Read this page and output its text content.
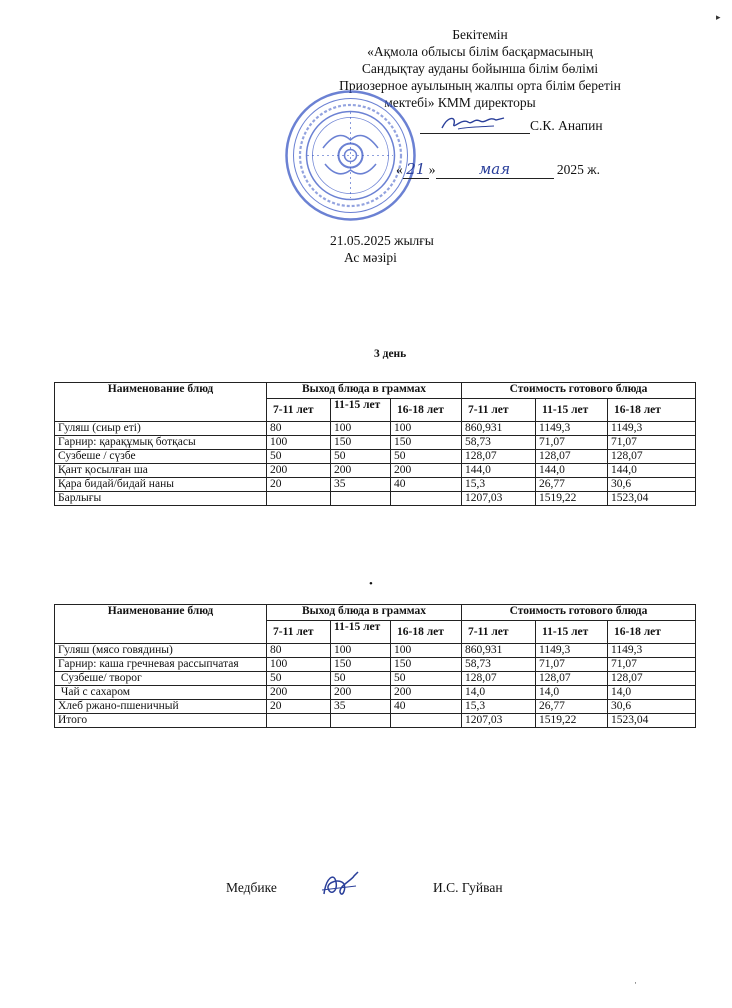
Бекітемін
«Ақмола облысы білім басқармасының
Сандықтау ауданы бойынша білім бөлімі
Приозерное ауылының жалпы орта білім беретін
мектебі» КММ директоры
С.К. Анапин
« 21 »	мая	2025 ж.
21.05.2025 жылғы
Ас мәзірі
3 день
Наименование блюд	Выход блюда в граммах			Стоимость готового блюда		
	7-11 лет	11-15 лет	16-18 лет	7-11 лет	11-15 лет	16-18 лет
Гуляш (сиыр еті)	80	100	100	860,931	1149,3	1149,3
Гарнир: қарақұмық ботқасы	100	150	150	58,73	71,07	71,07
Сузбеше / сүзбе	50	50	50	128,07	128,07	128,07
Қант қосылған ша	200	200	200	144,0	144,0	144,0
Қара бидай/бидай наны	20	35	40	15,3	26,77	30,6
Барлығы				1207,03	1519,22	1523,04
•
Наименование блюд	Выход блюда в граммах			Стоимость готового блюда		
	7-11 лет	11-15 лет	16-18 лет	7-11 лет	11-15 лет	16-18 лет
Гуляш (мясо говядины)	80	100	100	860,931	1149,3	1149,3
Гарнир: каша гречневая рассыпчатая	100	150	150	58,73	71,07	71,07
Сузбеше/ творог	50	50	50	128,07	128,07	128,07
Чай с сахаром	200	200	200	14,0	14,0	14,0
Хлеб ржано-пшеничный	20	35	40	15,3	26,77	30,6
Итого				1207,03	1519,22	1523,04
Медбике	И.С. Гуйван
▸
·
